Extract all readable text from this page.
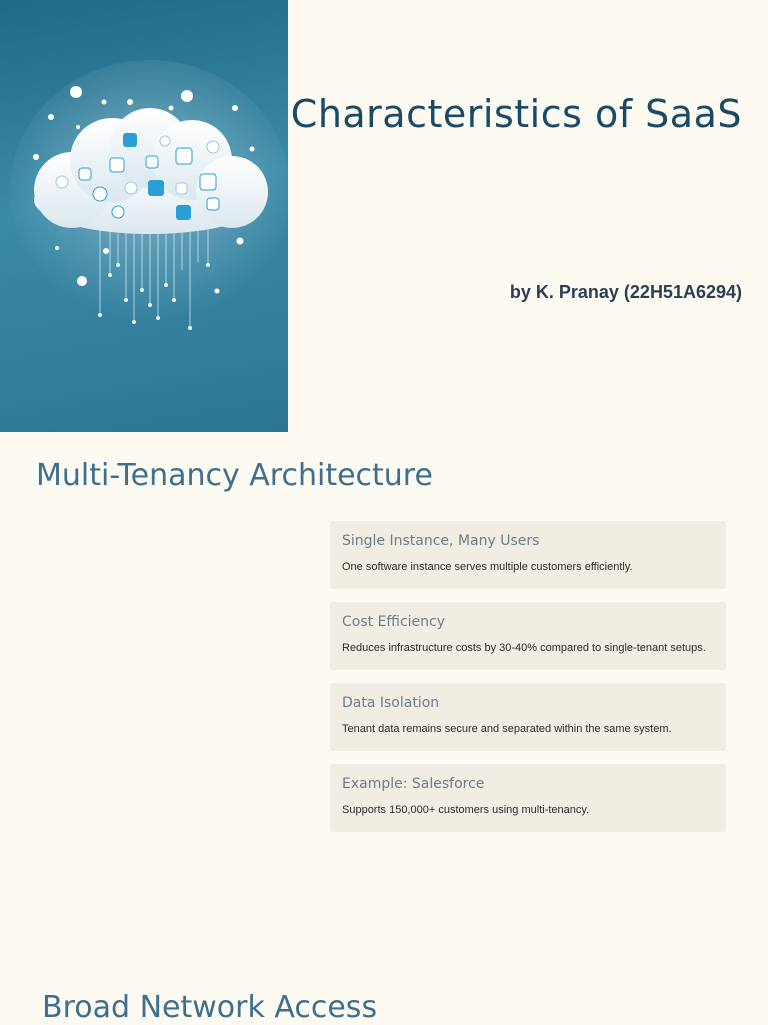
Characteristics of SaaS
by K. Pranay (22H51A6294)
Multi-Tenancy Architecture
Single Instance, Many Users
One software instance serves multiple customers efficiently.
Cost Efficiency
Reduces infrastructure costs by 30-40% compared to single-tenant setups.
Data Isolation
Tenant data remains secure and separated within the same system.
Example: Salesforce
Supports 150,000+ customers using multi-tenancy.
Broad Network Access
